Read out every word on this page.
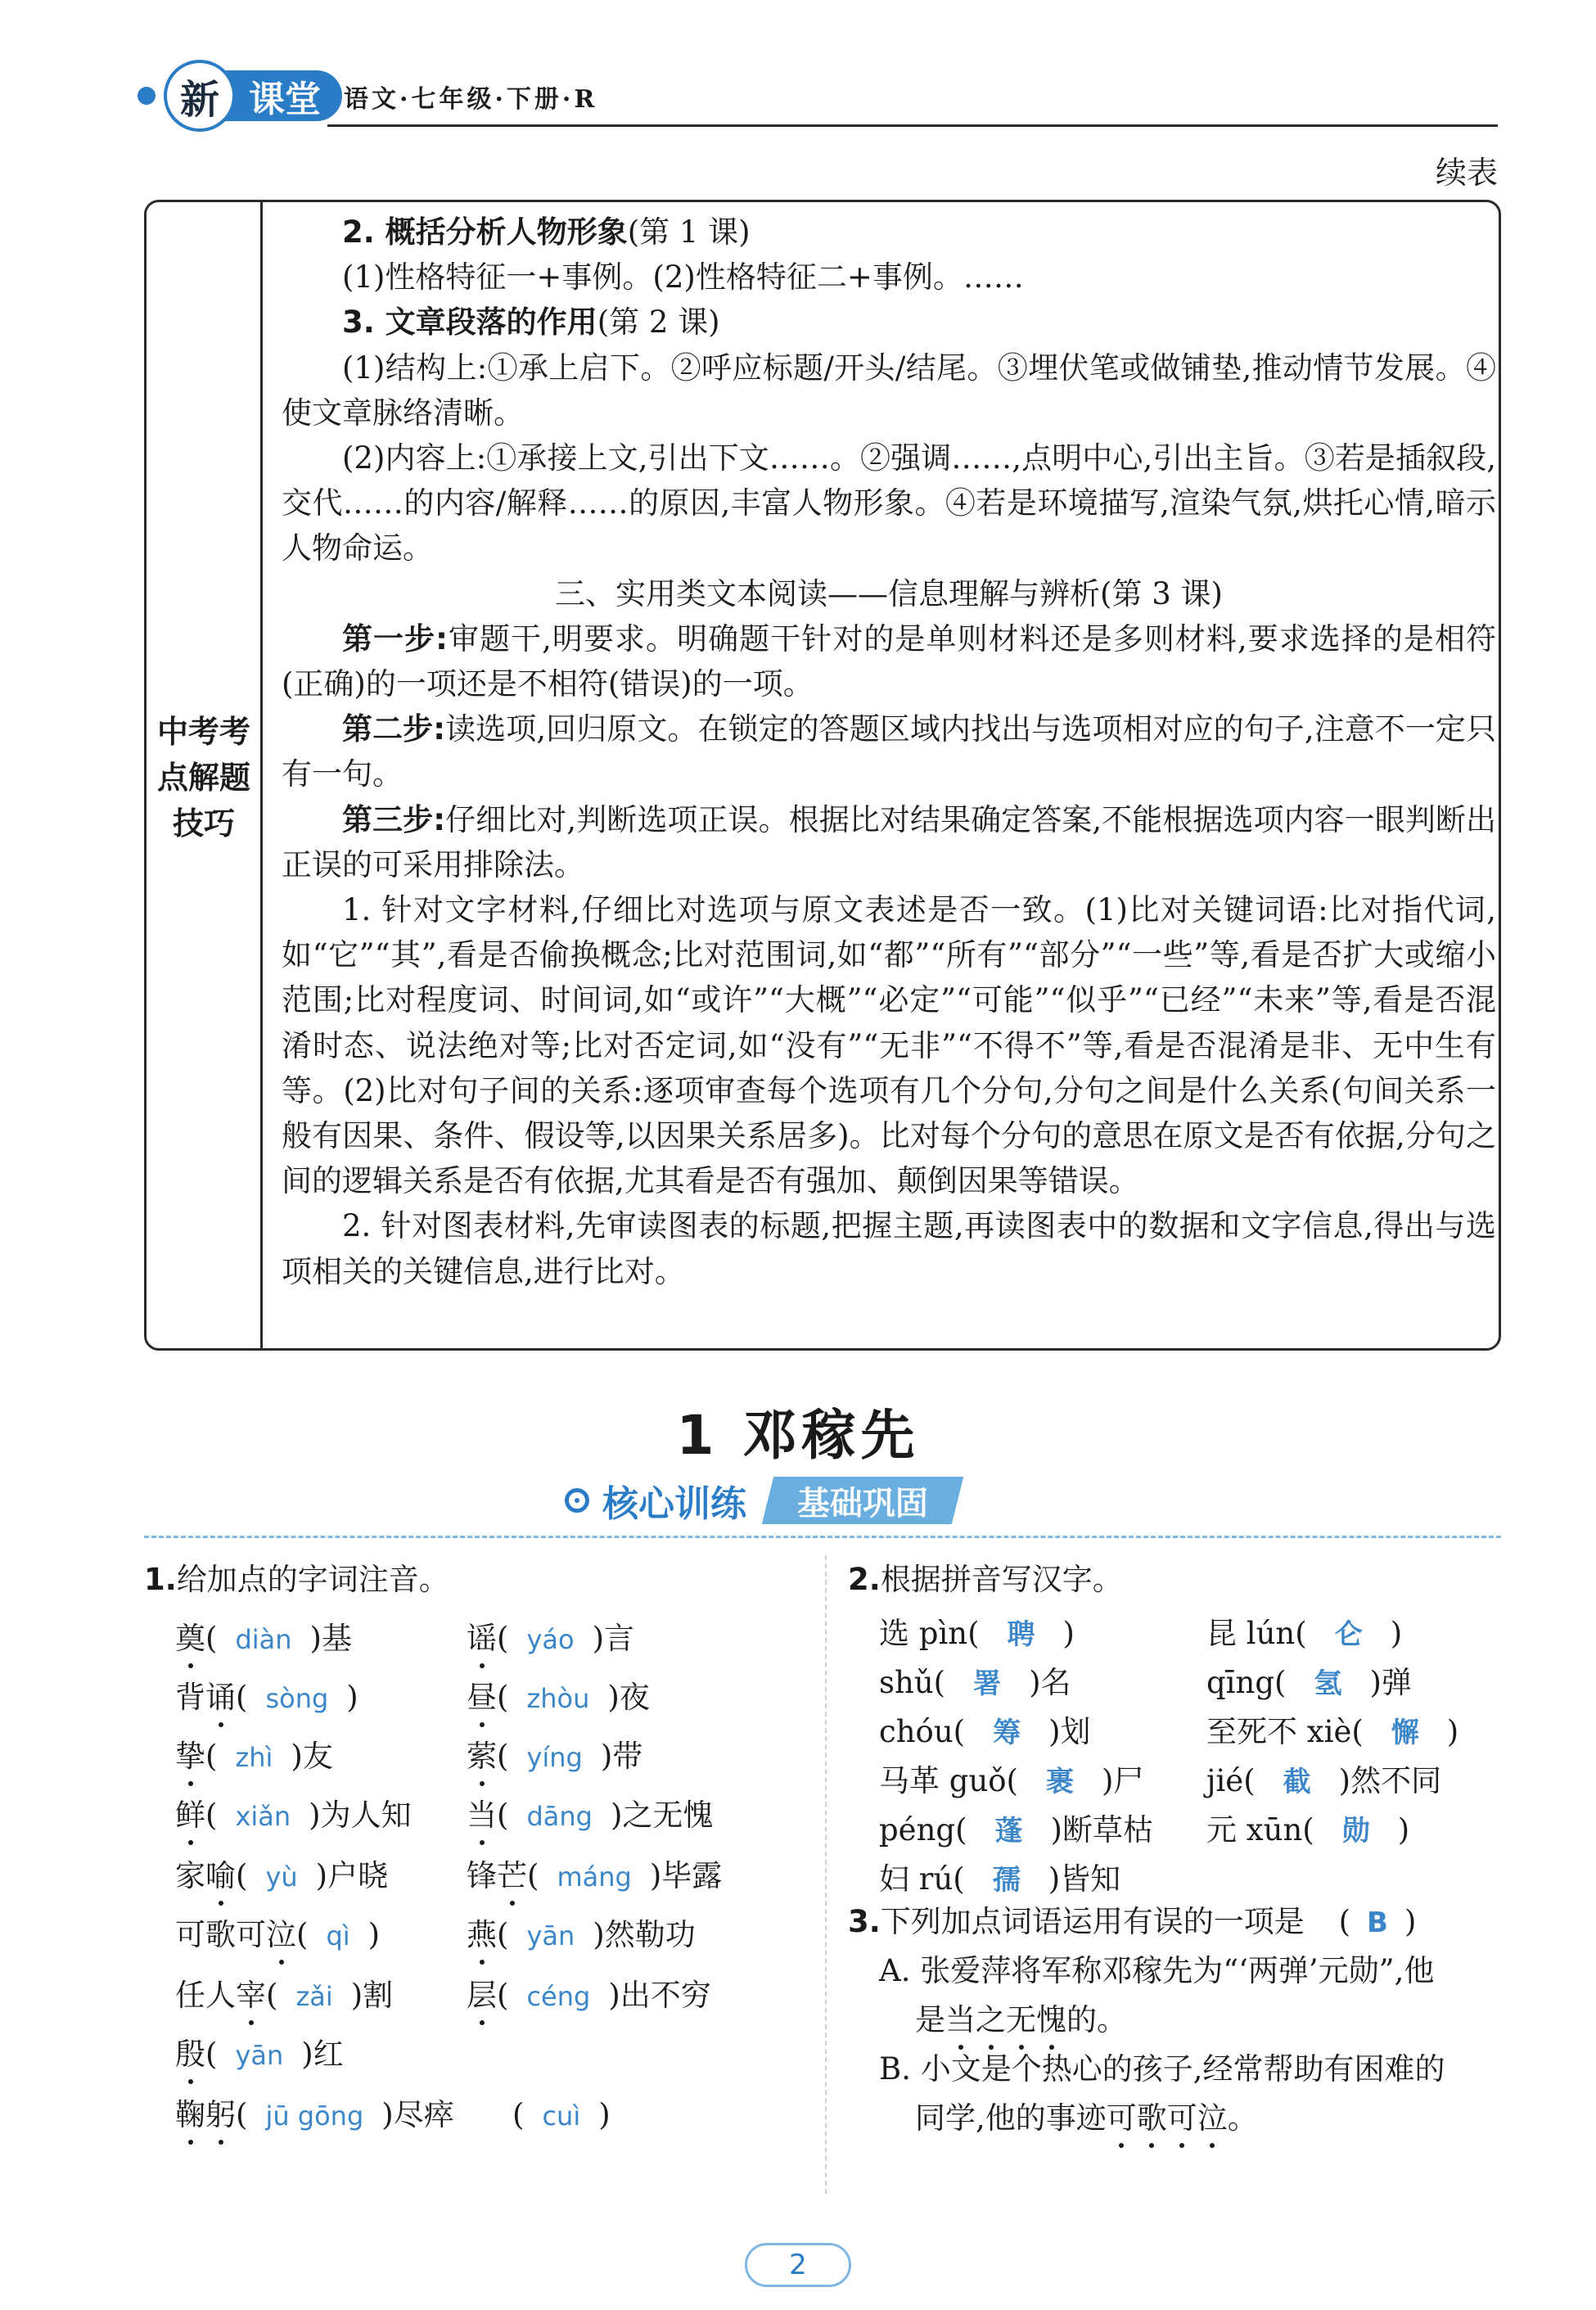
新 课堂 语文·七年级·下册·R
续表
中考考
点解题
技巧

2. 概括分析人物形象(第 1 课)

(1)性格特征一+事例。(2)性格特征二+事例。……

3. 文章段落的作用(第 2 课)

(1)结构上:①承上启下。②呼应标题/开头/结尾。③埋伏笔或做铺垫,推动情节发展。④使文章脉络清晰。

(2)内容上:①承接上文,引出下文……。②强调……,点明中心,引出主旨。③若是插叙段,交代……的内容/解释……的原因,丰富人物形象。④若是环境描写,渲染气氛,烘托心情,暗示人物命运。

三、实用类文本阅读——信息理解与辨析(第 3 课)

第一步:审题干,明要求。明确题干针对的是单则材料还是多则材料,要求选择的是相符(正确)的一项还是不相符(错误)的一项。

第二步:读选项,回归原文。在锁定的答题区域内找出与选项相对应的句子,注意不一定只有一句。

第三步:仔细比对,判断选项正误。根据比对结果确定答案,不能根据选项内容一眼判断出正误的可采用排除法。

1. 针对文字材料,仔细比对选项与原文表述是否一致。(1)比对关键词语:比对指代词,如“它”“其”,看是否偷换概念;比对范围词,如“都”“所有”“部分”“一些”等,看是否扩大或缩小范围;比对程度词、时间词,如“或许”“大概”“必定”“可能”“似乎”“已经”“未来”等,看是否混淆时态、说法绝对等;比对否定词,如“没有”“无非”“不得不”等,看是否混淆是非、无中生有等。(2)比对句子间的关系:逐项审查每个选项有几个分句,分句之间是什么关系(句间关系一般有因果、条件、假设等,以因果关系居多)。比对每个分句的意思在原文是否有依据,分句之间的逻辑关系是否有依据,尤其看是否有强加、颠倒因果等错误。

2. 针对图表材料,先审读图表的标题,把握主题,再读图表中的数据和文字信息,得出与选项相关的关键信息,进行比对。

1 邓稼先
核心训练 基础巩固
1.给加点的字词注音。
奠( diàn )基	谣( yáo )言
背诵( sòng )	昼( zhòu )夜
挚( zhì )友	萦( yíng )带
鲜( xiǎn )为人知 当( dāng )之无愧
家喻( yù )户晓	锋芒( máng )毕露
可歌可泣( qì )	燕( yān )然勒功
任人宰( zǎi )割 层( céng )出不穷
殷( yān )红
鞠躬( jū gōng )尽瘁 ( cuì )
2.根据拼音写汉字。
选 pìn( 聘 )	昆 lún( 仑 )
shǔ( 署 )名	qīng( 氢 )弹
chóu( 筹 )划	至死不 xiè( 懈 )
马革 guǒ( 裹 )尸 jié( 截 )然不同
péng( 蓬 )断草枯 元 xūn( 勋 )
妇 rú( 孺 )皆知
3.下列加点词语运用有误的一项是 ( B )
A. 张爱萍将军称邓稼先为“‘两弹’元勋”,他
是当之无愧的。
B. 小文是个热心的孩子,经常帮助有困难的
同学,他的事迹可歌可泣。
2
